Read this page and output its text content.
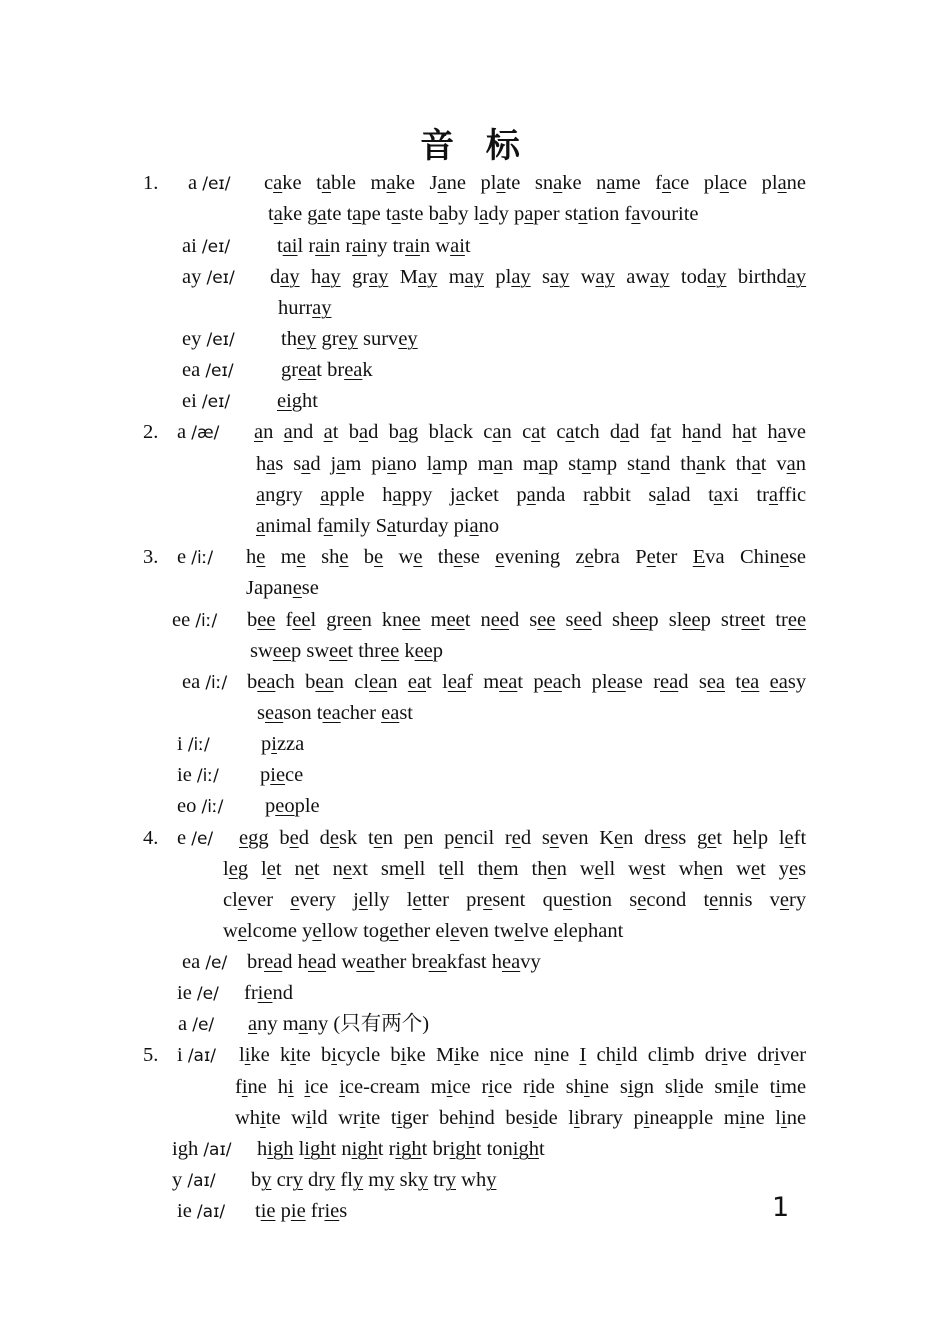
音 标
1. a /eɪ/ cake table make Jane plate snake name face place plane
take gate tape taste baby lady paper station favourite
ai /eɪ/ tail rain rainy train wait
ay /eɪ/ day hay gray May may play say way away today birthday
hurray
ey /eɪ/ they grey survey
ea /eɪ/ great break
ei /eɪ/ eight
2. a /æ/ an and at bad bag black can cat catch dad fat hand hat have
has sad jam piano lamp man map stamp stand thank that van
angry apple happy jacket panda rabbit salad taxi traffic
animal family Saturday piano
3. e /iː/ he me she be we these evening zebra Peter Eva Chinese
Japanese
ee /iː/ bee feel green knee meet need see seed sheep sleep street tree
sweep sweet three keep
ea /iː/ beach bean clean eat leaf meat peach please read sea tea easy
season teacher east
i /iː/	pizza
ie /iː/ piece
eo /iː/ people
4. e /e/ egg bed desk ten pen pencil red seven Ken dress get help left
leg let net next smell tell them then well west when wet yes
clever every jelly letter present question second tennis very
welcome yellow together eleven twelve elephant
ea /e/ bread head weather breakfast heavy
ie /e/ friend
a /e/ any many (只有两个)
5. i /aɪ/ like kite bicycle bike Mike nice nine I child climb drive driver
fine hi ice ice-cream mice rice ride shine sign slide smile time
white wild write tiger behind beside library pineapple mine line
igh /aɪ/ high light night right bright tonight
y /aɪ/ by cry dry fly my sky try why
ie /aɪ/ tie pie fries	1
